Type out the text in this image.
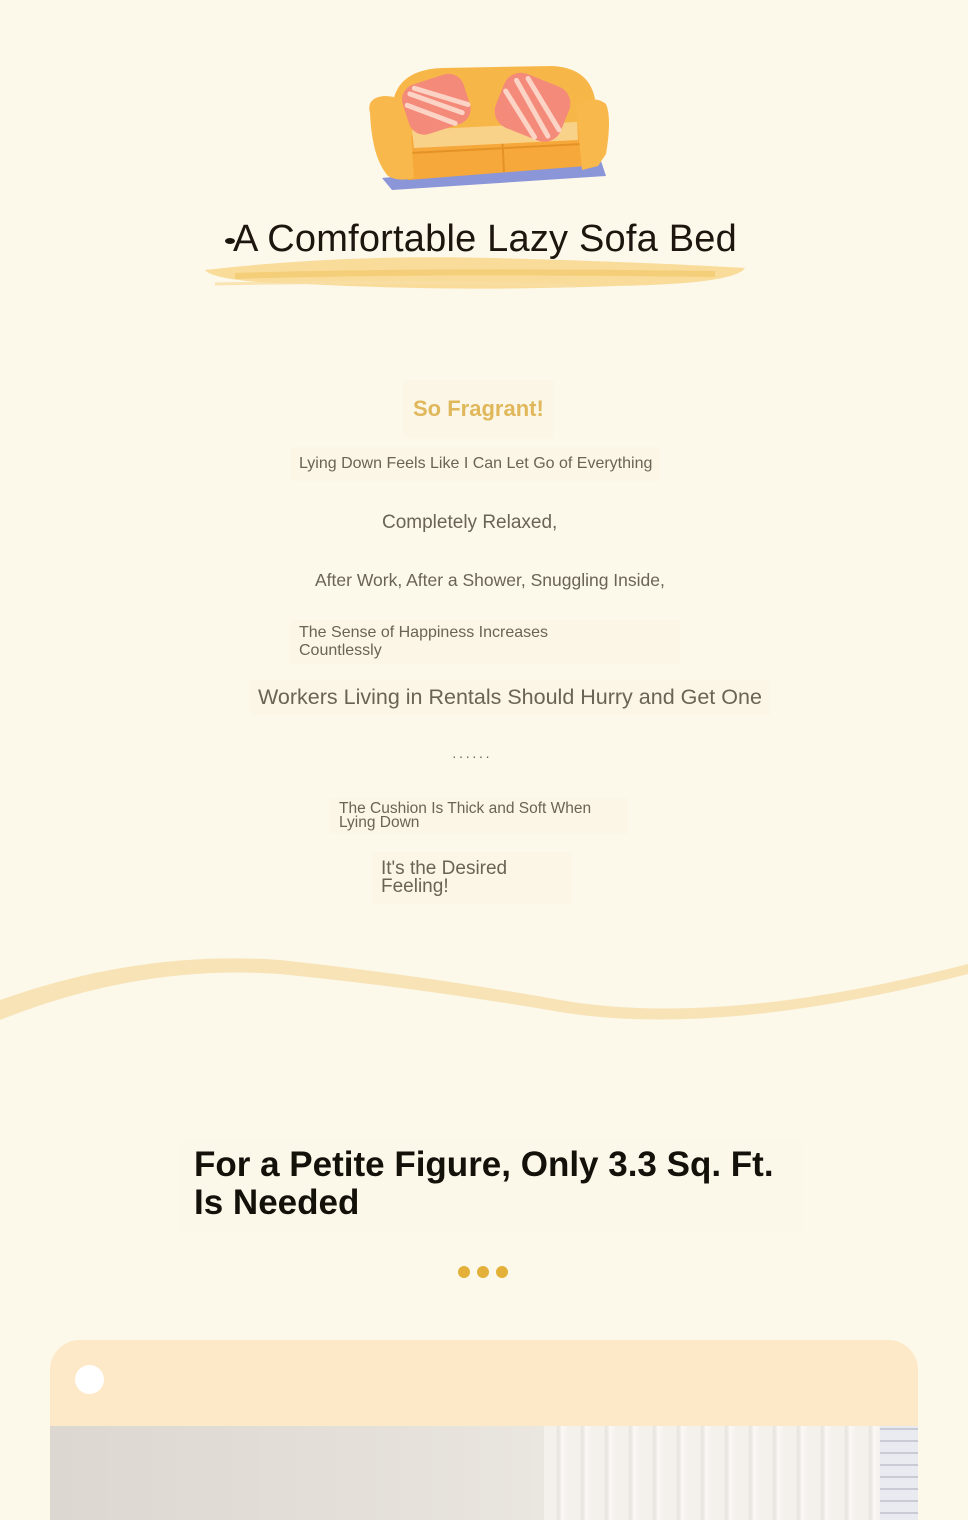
A Comfortable Lazy Sofa Bed
So Fragrant!
Lying Down Feels Like I Can Let Go of Everything
Completely Relaxed,
After Work, After a Shower, Snuggling Inside,
The Sense of Happiness Increases Countlessly
Workers Living in Rentals Should Hurry and Get One
······
The Cushion Is Thick and Soft When Lying Down
It's the Desired Feeling!
For a Petite Figure, Only 3.3 Sq. Ft. Is Needed
